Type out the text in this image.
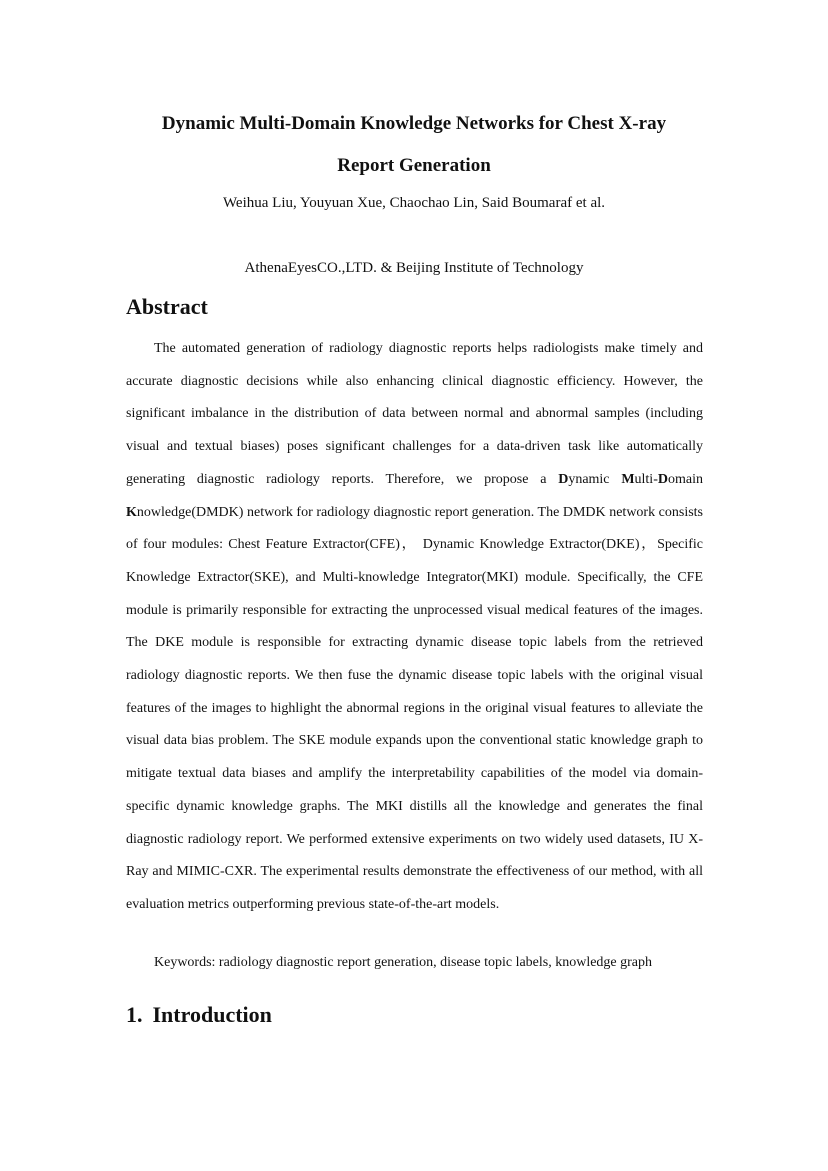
Dynamic Multi-Domain Knowledge Networks for Chest X-ray
Report Generation
Weihua Liu, Youyuan Xue, Chaochao Lin, Said Boumaraf et al.
AthenaEyesCO.,LTD. & Beijing Institute of Technology
Abstract

The automated generation of radiology diagnostic reports helps radiologists make timely and accurate diagnostic decisions while also enhancing clinical diagnostic efficiency. However, the significant imbalance in the distribution of data between normal and abnormal samples (including visual and textual biases) poses significant challenges for a data-driven task like automatically generating diagnostic radiology reports. Therefore, we propose a Dynamic Multi-Domain Knowledge(DMDK) network for radiology diagnostic report generation. The DMDK network consists of four modules: Chest Feature Extractor(CFE)， Dynamic Knowledge Extractor(DKE)，Specific Knowledge Extractor(SKE), and Multi-knowledge Integrator(MKI) module. Specifically, the CFE module is primarily responsible for extracting the unprocessed visual medical features of the images. The DKE module is responsible for extracting dynamic disease topic labels from the retrieved radiology diagnostic reports. We then fuse the dynamic disease topic labels with the original visual features of the images to highlight the abnormal regions in the original visual features to alleviate the visual data bias problem. The SKE module expands upon the conventional static knowledge graph to mitigate textual data biases and amplify the interpretability capabilities of the model via domain-specific dynamic knowledge graphs. The MKI distills all the knowledge and generates the final diagnostic radiology report. We performed extensive experiments on two widely used datasets, IU X-Ray and MIMIC-CXR. The experimental results demonstrate the effectiveness of our method, with all evaluation metrics outperforming previous state-of-the-art models.

Keywords: radiology diagnostic report generation, disease topic labels, knowledge graph

1. Introduction
